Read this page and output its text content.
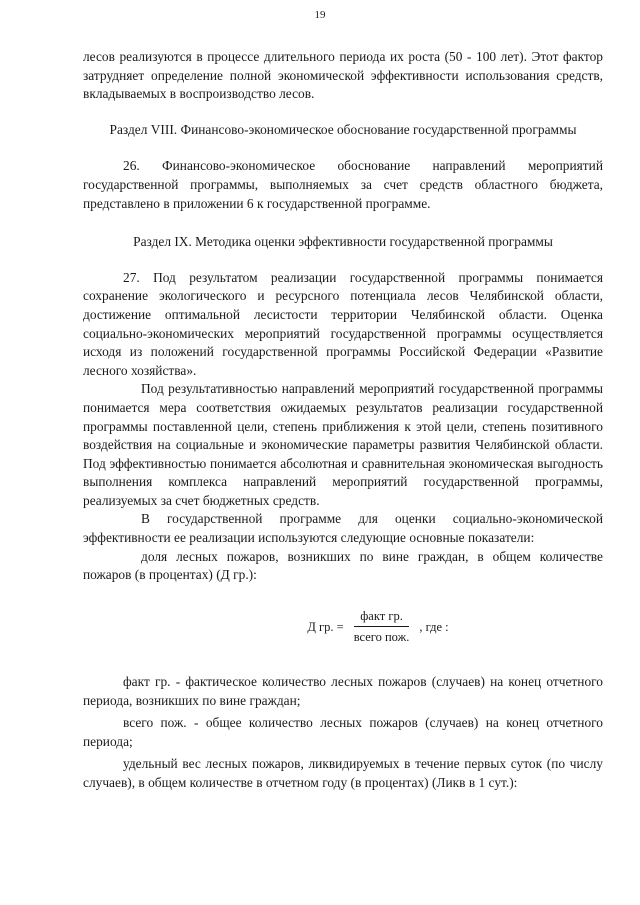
19

лесов реализуются в процессе длительного периода их роста (50 - 100 лет). Этот фактор затрудняет определение полной экономической эффективности использования средств, вкладываемых в воспроизводство лесов.

Раздел VIII. Финансово-экономическое обоснование государственной программы

26. Финансово-экономическое обоснование направлений мероприятий государственной программы, выполняемых за счет средств областного бюджета, представлено в приложении 6 к государственной программе.

Раздел IX. Методика оценки эффективности государственной программы

27. Под результатом реализации государственной программы понимается сохранение экологического и ресурсного потенциала лесов Челябинской области, достижение оптимальной лесистости территории Челябинской области. Оценка социально-экономических мероприятий государственной программы осуществляется исходя из положений государственной программы Российской Федерации «Развитие лесного хозяйства».

Под результативностью направлений мероприятий государственной программы понимается мера соответствия ожидаемых результатов реализации государственной программы поставленной цели, степень приближения к этой цели, степень позитивного воздействия на социальные и экономические параметры развития Челябинской области. Под эффективностью понимается абсолютная и сравнительная экономическая выгодность выполнения комплекса направлений мероприятий государственной программы, реализуемых за счет бюджетных средств.

В государственной программе для оценки социально-экономической эффективности ее реализации используются следующие основные показатели:

доля лесных пожаров, возникших по вине граждан, в общем количестве пожаров (в процентах) (Д гр.):

Д гр. = $\frac{\text{факт гр.}}{\text{всего пож.}}$ , где :

факт гр. - фактическое количество лесных пожаров (случаев) на конец отчетного периода, возникших по вине граждан;

всего пож. - общее количество лесных пожаров (случаев) на конец отчетного периода;

удельный вес лесных пожаров, ликвидируемых в течение первых суток (по числу случаев), в общем количестве в отчетном году (в процентах) (Ликв в 1 сут.):
